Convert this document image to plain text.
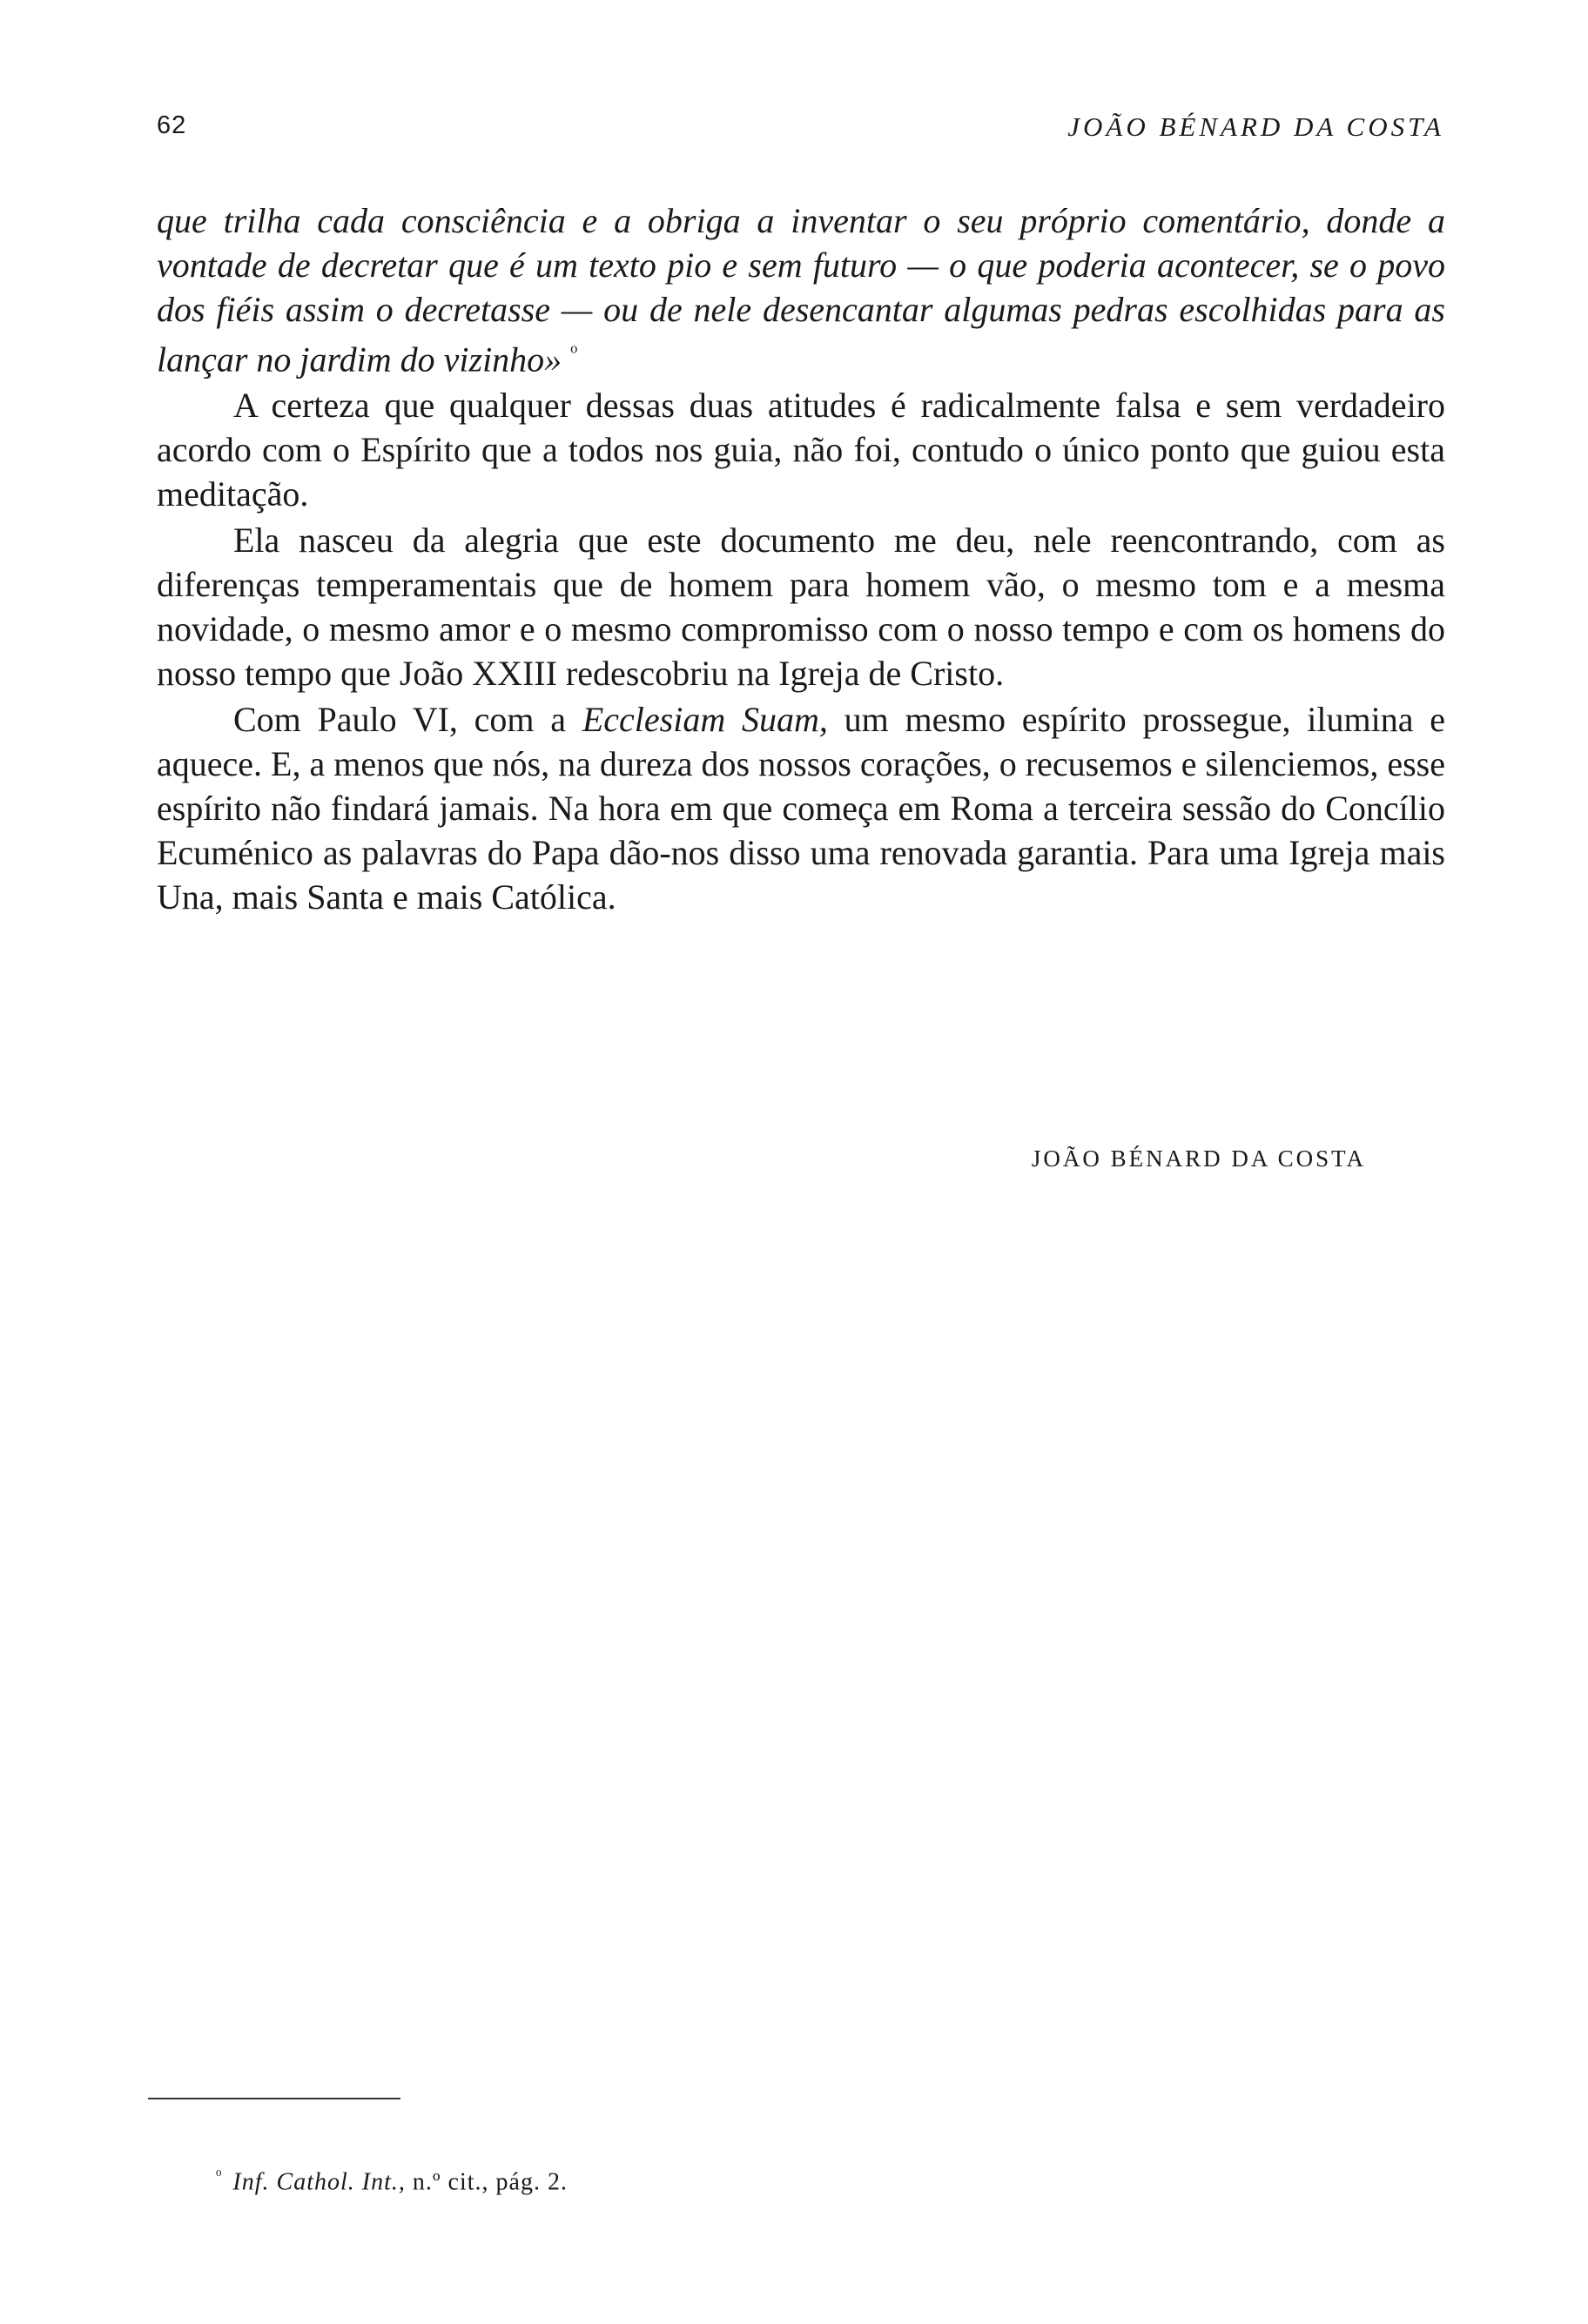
62	JOÃO BÉNARD DA COSTA

que trilha cada consciência e a obriga a inventar o seu próprio comentário, donde a vontade de decretar que é um texto pio e sem futuro — o que poderia acontecer, se o povo dos fiéis assim o decretasse — ou de nele desencantar algumas pedras escolhidas para as lançar no jardim do vizinho» $^{^0}$

A certeza que qualquer dessas duas atitudes é radicalmente falsa e sem verdadeiro acordo com o Espírito que a todos nos guia, não foi, contudo o único ponto que guiou esta meditação.

Ela nasceu da alegria que este documento me deu, nele reencontrando, com as diferenças temperamentais que de homem para homem vão, o mesmo tom e a mesma novidade, o mesmo amor e o mesmo compromisso com o nosso tempo e com os homens do nosso tempo que João XXIII redescobriu na Igreja de Cristo.

Com Paulo VI, com a Ecclesiam Suam, um mesmo espírito prossegue, ilumina e aquece. E, a menos que nós, na dureza dos nossos corações, o recusemos e silenciemos, esse espírito não findará jamais. Na hora em que começa em Roma a terceira sessão do Concílio Ecuménico as palavras do Papa dão-nos disso uma renovada garantia. Para uma Igreja mais Una, mais Santa e mais Católica.

JOÃO BÉNARD DA COSTA
$^{^0}$ Inf. Cathol. Int., n.º cit., pág. 2.
